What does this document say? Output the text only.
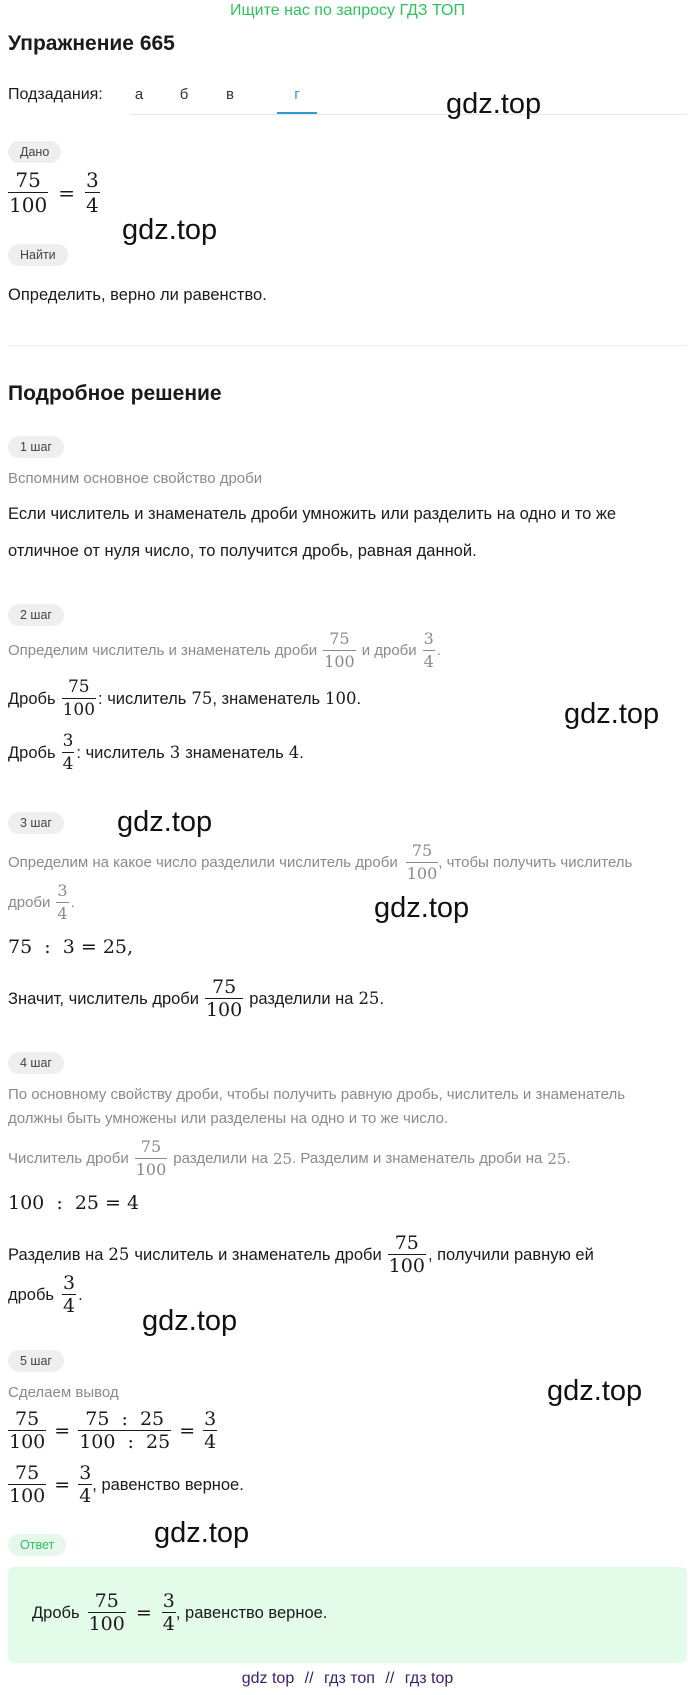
Ищите нас по запросу ГДЗ ТОП
Упражнение 665
Подзадания:	а	б	в	г	gdz.top
gdz.top
gdz.top
gdz.top
gdz.top
gdz.top
gdz.top
gdz.top
Дано
$\frac{75}{100} = \frac{3}{4}$
Найти
Определить, верно ли равенство.
Подробное решение
1 шаг
Вспомним основное свойство дроби
Если числитель и знаменатель дроби умножить или разделить на одно и то же
отличное от нуля число, то получится дробь, равная данной.
2 шаг
Определим числитель и знаменатель дроби $\frac{75}{100}$ и дроби $\frac{3}{4}$ .
Дробь $\frac{75}{100}$ : числитель 75 , знаменатель 100 .
Дробь $\frac{3}{4}$ : числитель 3 знаменатель 4 .
3 шаг
Определим на какое число разделили числитель дроби $\frac{75}{100}$ , чтобы получить числитель
дроби $\frac{3}{4}$ .
75  :  3 = 25,
Значит, числитель дроби $\frac{75}{100}$ разделили на 25 .
4 шаг
По основному свойству дроби, чтобы получить равную дробь, числитель и знаменатель
должны быть умножены или разделены на одно и то же число.
Числитель дроби $\frac{75}{100}$ разделили на 25 . Разделим и знаменатель дроби на 25 .
100  :  25 = 4
Разделив на 25 числитель и знаменатель дроби $\frac{75}{100}$ , получили равную ей
дробь $\frac{3}{4}$ .
5 шаг
Сделаем вывод
$\frac{75}{100} = \frac{75 : 25}{100 : 25} = \frac{3}{4}$
$\frac{75}{100} = \frac{3}{4}$ , равенство верное.
Ответ
Дробь $\frac{75}{100} = \frac{3}{4}$ , равенство верное.
gdz top // гдз топ // гдз top
